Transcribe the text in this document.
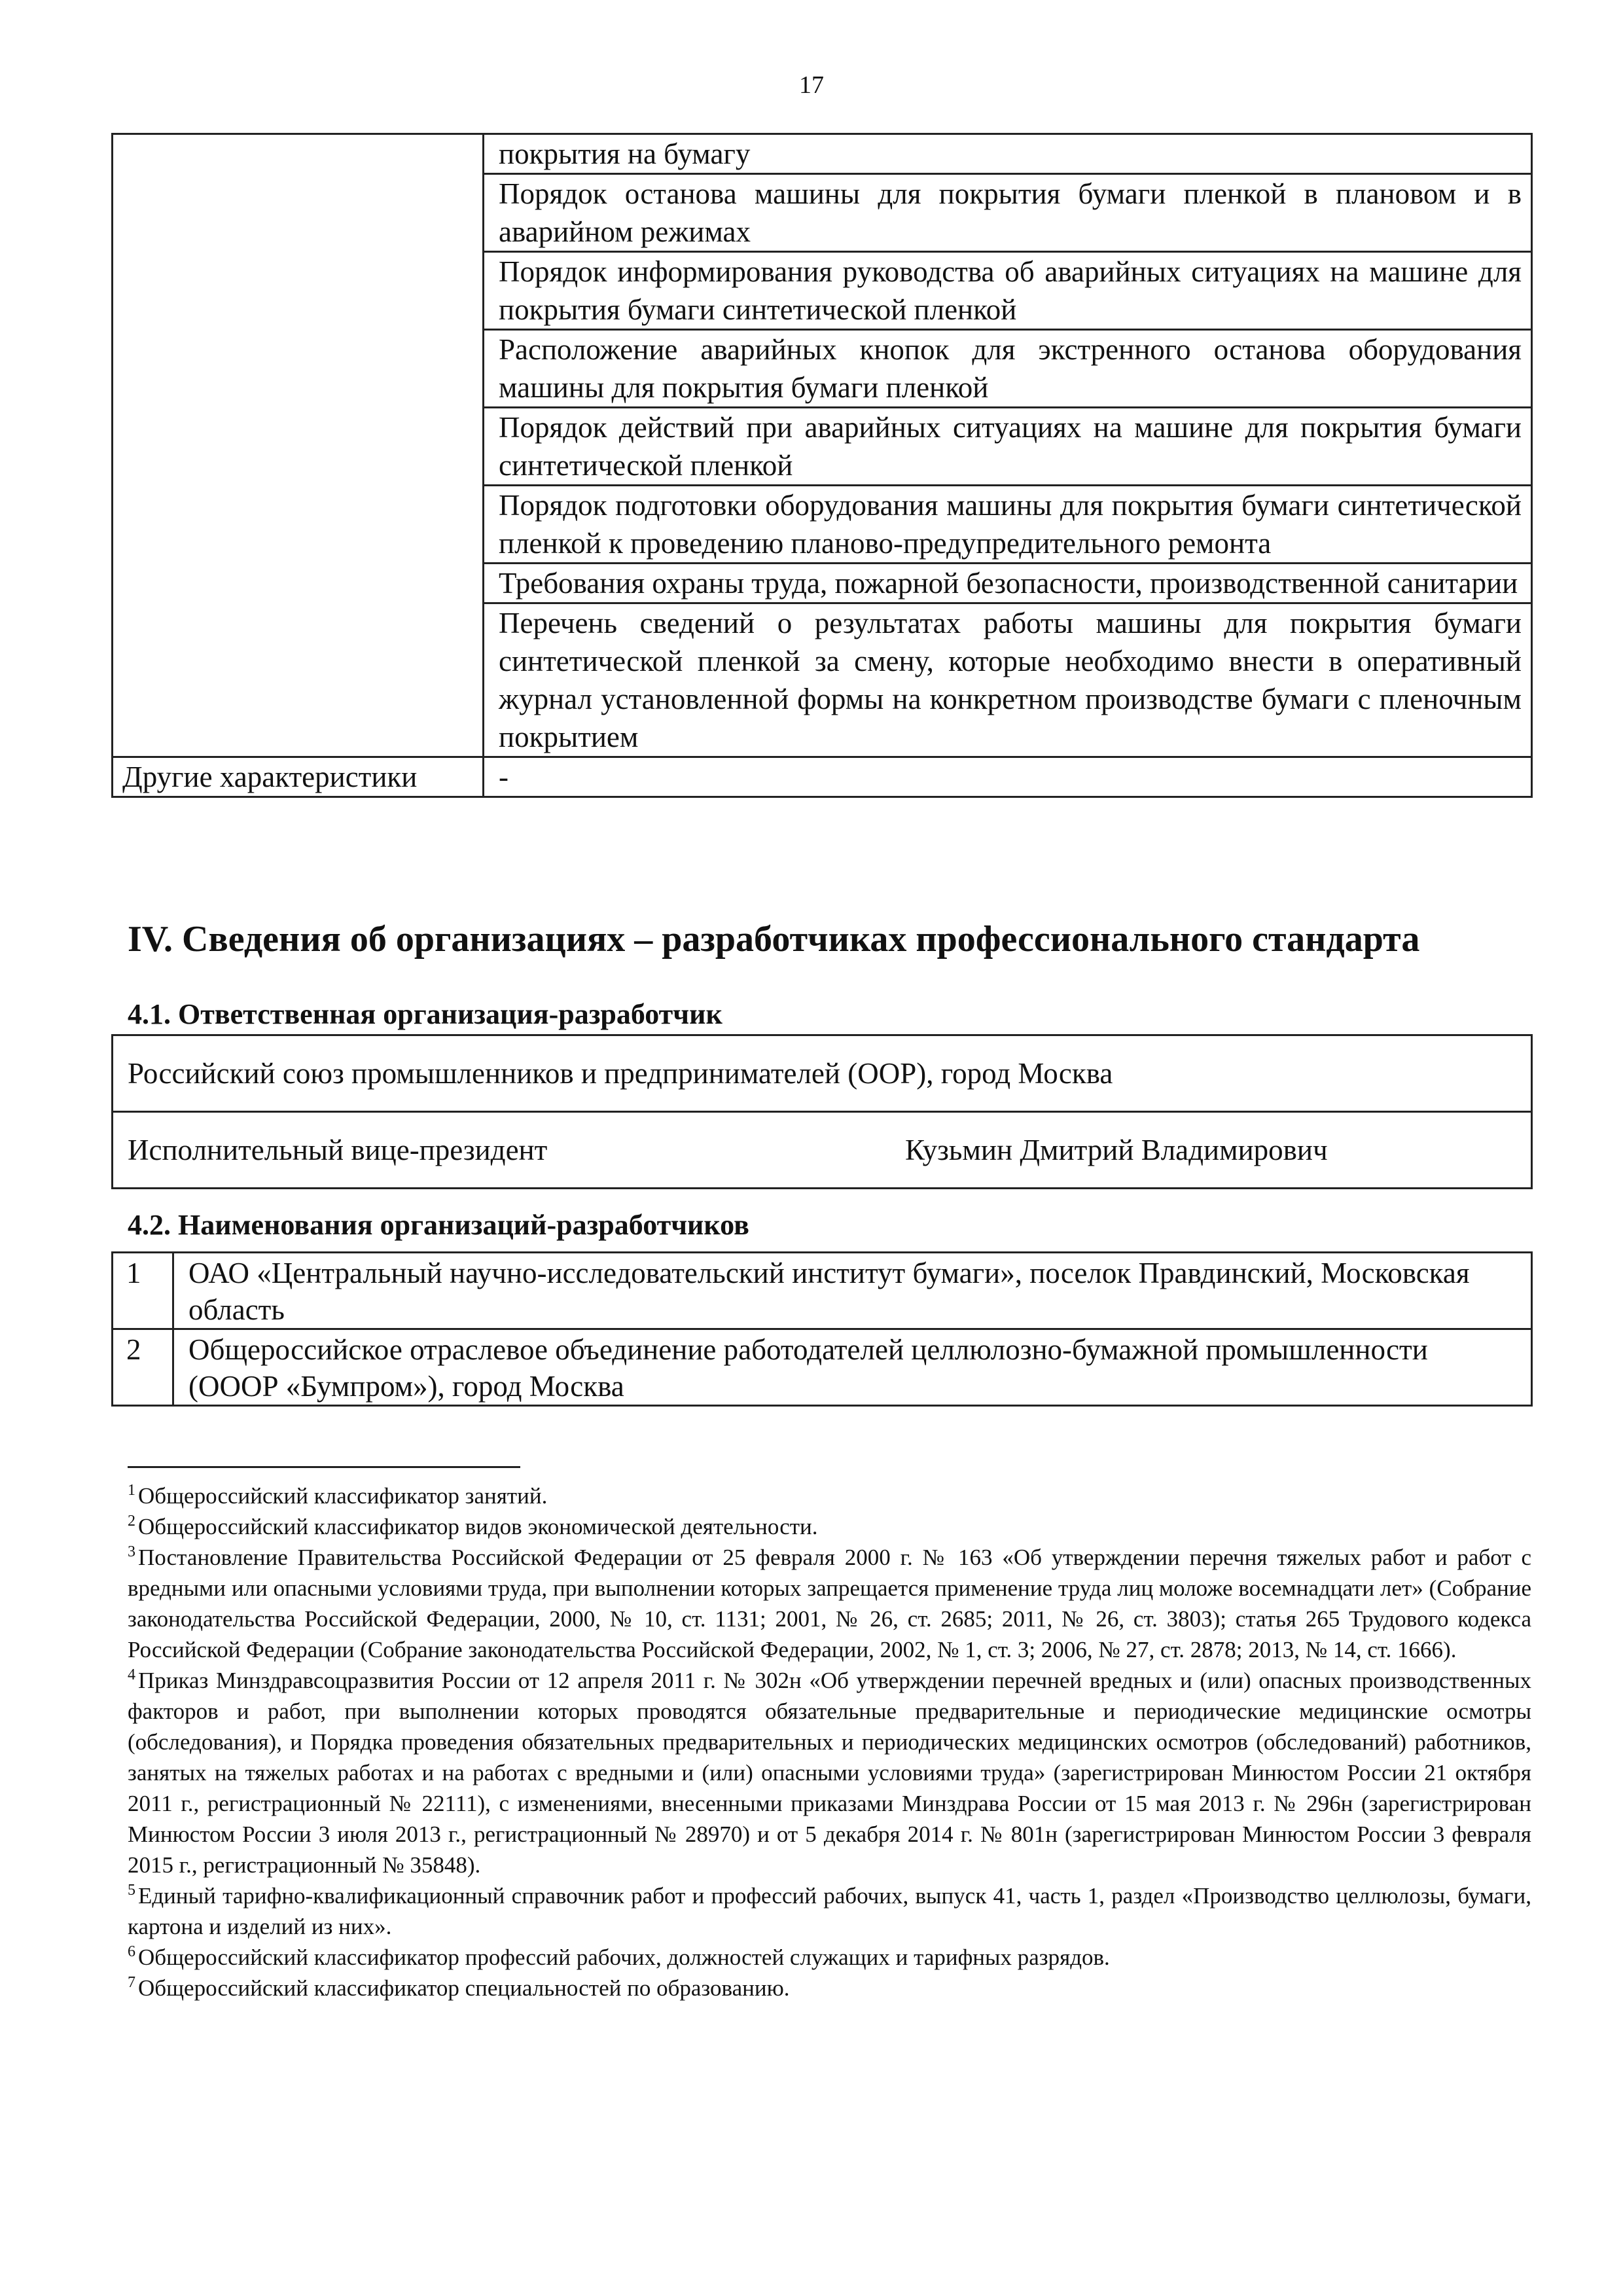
17
	покрытия на бумагу
	Порядок останова машины для покрытия бумаги пленкой в плановом и в аварийном режимах
	Порядок информирования руководства об аварийных ситуациях на машине для покрытия бумаги синтетической пленкой
	Расположение аварийных кнопок для экстренного останова оборудования машины для покрытия бумаги пленкой
	Порядок действий при аварийных ситуациях на машине для покрытия бумаги синтетической пленкой
	Порядок подготовки оборудования машины для покрытия бумаги синтетической пленкой к проведению планово-предупредительного ремонта
	Требования охраны труда, пожарной безопасности, производственной санитарии
	Перечень сведений о результатах работы машины для покрытия бумаги синтетической пленкой за смену, которые необходимо внести в оперативный журнал установленной формы на конкретном производстве бумаги с пленочным покрытием
Другие характеристики	-
IV. Сведения об организациях – разработчиках профессионального стандарта
4.1. Ответственная организация-разработчик
Российский союз промышленников и предпринимателей (ООР), город Москва
Исполнительный вице-президент	Кузьмин Дмитрий Владимирович
4.2. Наименования организаций-разработчиков
1	ОАО «Центральный научно-исследовательский институт бумаги», поселок Правдинский, Московская область
2	Общероссийское отраслевое объединение работодателей целлюлозно-бумажной промышленности (ОООР «Бумпром»), город Москва

$^1$ Общероссийский классификатор занятий.

$^2$ Общероссийский классификатор видов экономической деятельности.

$^3$ Постановление Правительства Российской Федерации от 25 февраля 2000 г. № 163 «Об утверждении перечня тяжелых работ и работ с вредными или опасными условиями труда, при выполнении которых запрещается применение труда лиц моложе восемнадцати лет» (Собрание законодательства Российской Федерации, 2000, № 10, ст. 1131; 2001, № 26, ст. 2685; 2011, № 26, ст. 3803); статья 265 Трудового кодекса Российской Федерации (Собрание законодательства Российской Федерации, 2002, № 1, ст. 3; 2006, № 27, ст. 2878; 2013, № 14, ст. 1666).

$^4$ Приказ Минздравсоцразвития России от 12 апреля 2011 г. № 302н «Об утверждении перечней вредных и (или) опасных производственных факторов и работ, при выполнении которых проводятся обязательные предварительные и периодические медицинские осмотры (обследования), и Порядка проведения обязательных предварительных и периодических медицинских осмотров (обследований) работников, занятых на тяжелых работах и на работах с вредными и (или) опасными условиями труда» (зарегистрирован Минюстом России 21 октября 2011 г., регистрационный № 22111), с изменениями, внесенными приказами Минздрава России от 15 мая 2013 г. № 296н (зарегистрирован Минюстом России 3 июля 2013 г., регистрационный № 28970) и от 5 декабря 2014 г. № 801н (зарегистрирован Минюстом России 3 февраля 2015 г., регистрационный № 35848).

$^5$ Единый тарифно-квалификационный справочник работ и профессий рабочих, выпуск 41, часть 1, раздел «Производство целлюлозы, бумаги, картона и изделий из них».

$^6$ Общероссийский классификатор профессий рабочих, должностей служащих и тарифных разрядов.

$^7$ Общероссийский классификатор специальностей по образованию.
